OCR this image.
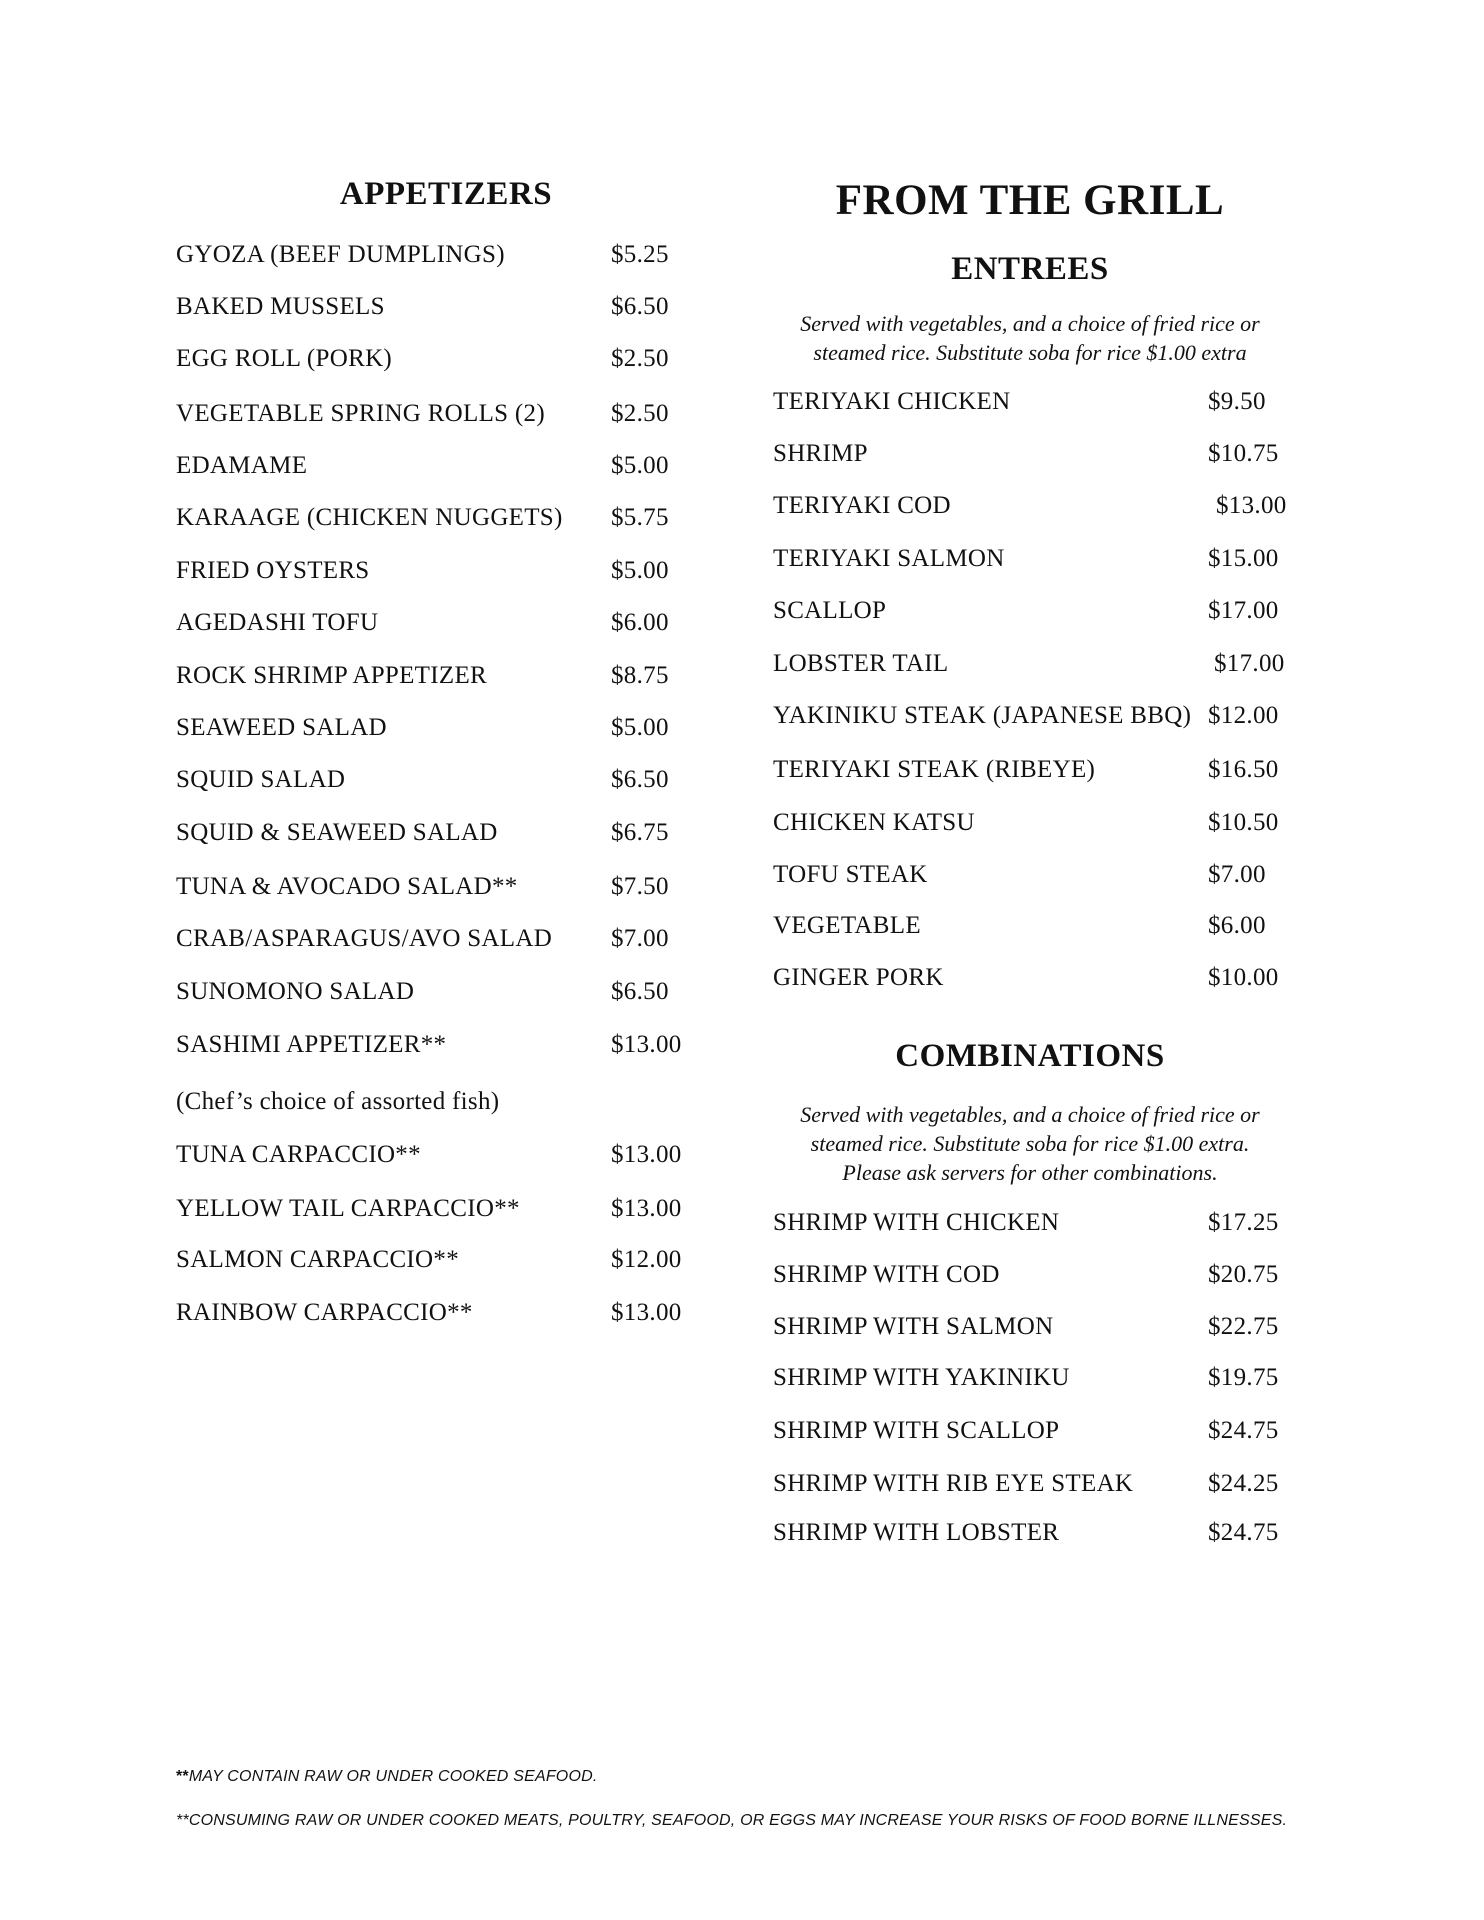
APPETIZERS
GYOZA (BEEF DUMPLINGS)	$5.25
BAKED MUSSELS	$6.50
EGG ROLL (PORK)	$2.50
VEGETABLE SPRING ROLLS (2)	$2.50
EDAMAME	$5.00
KARAAGE (CHICKEN NUGGETS) $5.75
FRIED OYSTERS	$5.00
AGEDASHI TOFU	$6.00
ROCK SHRIMP APPETIZER	$8.75
SEAWEED SALAD	$5.00
SQUID SALAD	$6.50
SQUID & SEAWEED SALAD	$6.75
TUNA & AVOCADO SALAD**	$7.50
CRAB/ASPARAGUS/AVO SALAD $7.00
SUNOMONO SALAD	$6.50
SASHIMI APPETIZER**	$13.00
(Chef’s choice of assorted fish)
TUNA CARPACCIO**	$13.00
YELLOW TAIL CARPACCIO**	$13.00
SALMON CARPACCIO**	$12.00
RAINBOW CARPACCIO**	$13.00
FROM THE GRILL
ENTREES
Served with vegetables, and a choice of fried rice or
steamed rice. Substitute soba for rice $1.00 extra
TERIYAKI CHICKEN	$9.50
SHRIMP	$10.75
TERIYAKI COD	$13.00
TERIYAKI SALMON	$15.00
SCALLOP	$17.00
LOBSTER TAIL	$17.00
YAKINIKU STEAK (JAPANESE BBQ) $12.00
TERIYAKI STEAK (RIBEYE)	$16.50
CHICKEN KATSU	$10.50
TOFU STEAK	$7.00
VEGETABLE	$6.00
GINGER PORK	$10.00
COMBINATIONS
Served with vegetables, and a choice of fried rice or
steamed rice. Substitute soba for rice $1.00 extra.
Please ask servers for other combinations.
SHRIMP WITH CHICKEN	$17.25
SHRIMP WITH COD	$20.75
SHRIMP WITH SALMON	$22.75
SHRIMP WITH YAKINIKU	$19.75
SHRIMP WITH SCALLOP	$24.75
SHRIMP WITH RIB EYE STEAK	$24.25
SHRIMP WITH LOBSTER	$24.75
**MAY CONTAIN RAW OR UNDER COOKED SEAFOOD.
**CONSUMING RAW OR UNDER COOKED MEATS, POULTRY, SEAFOOD, OR EGGS MAY INCREASE YOUR RISKS OF FOOD BORNE ILLNESSES.
